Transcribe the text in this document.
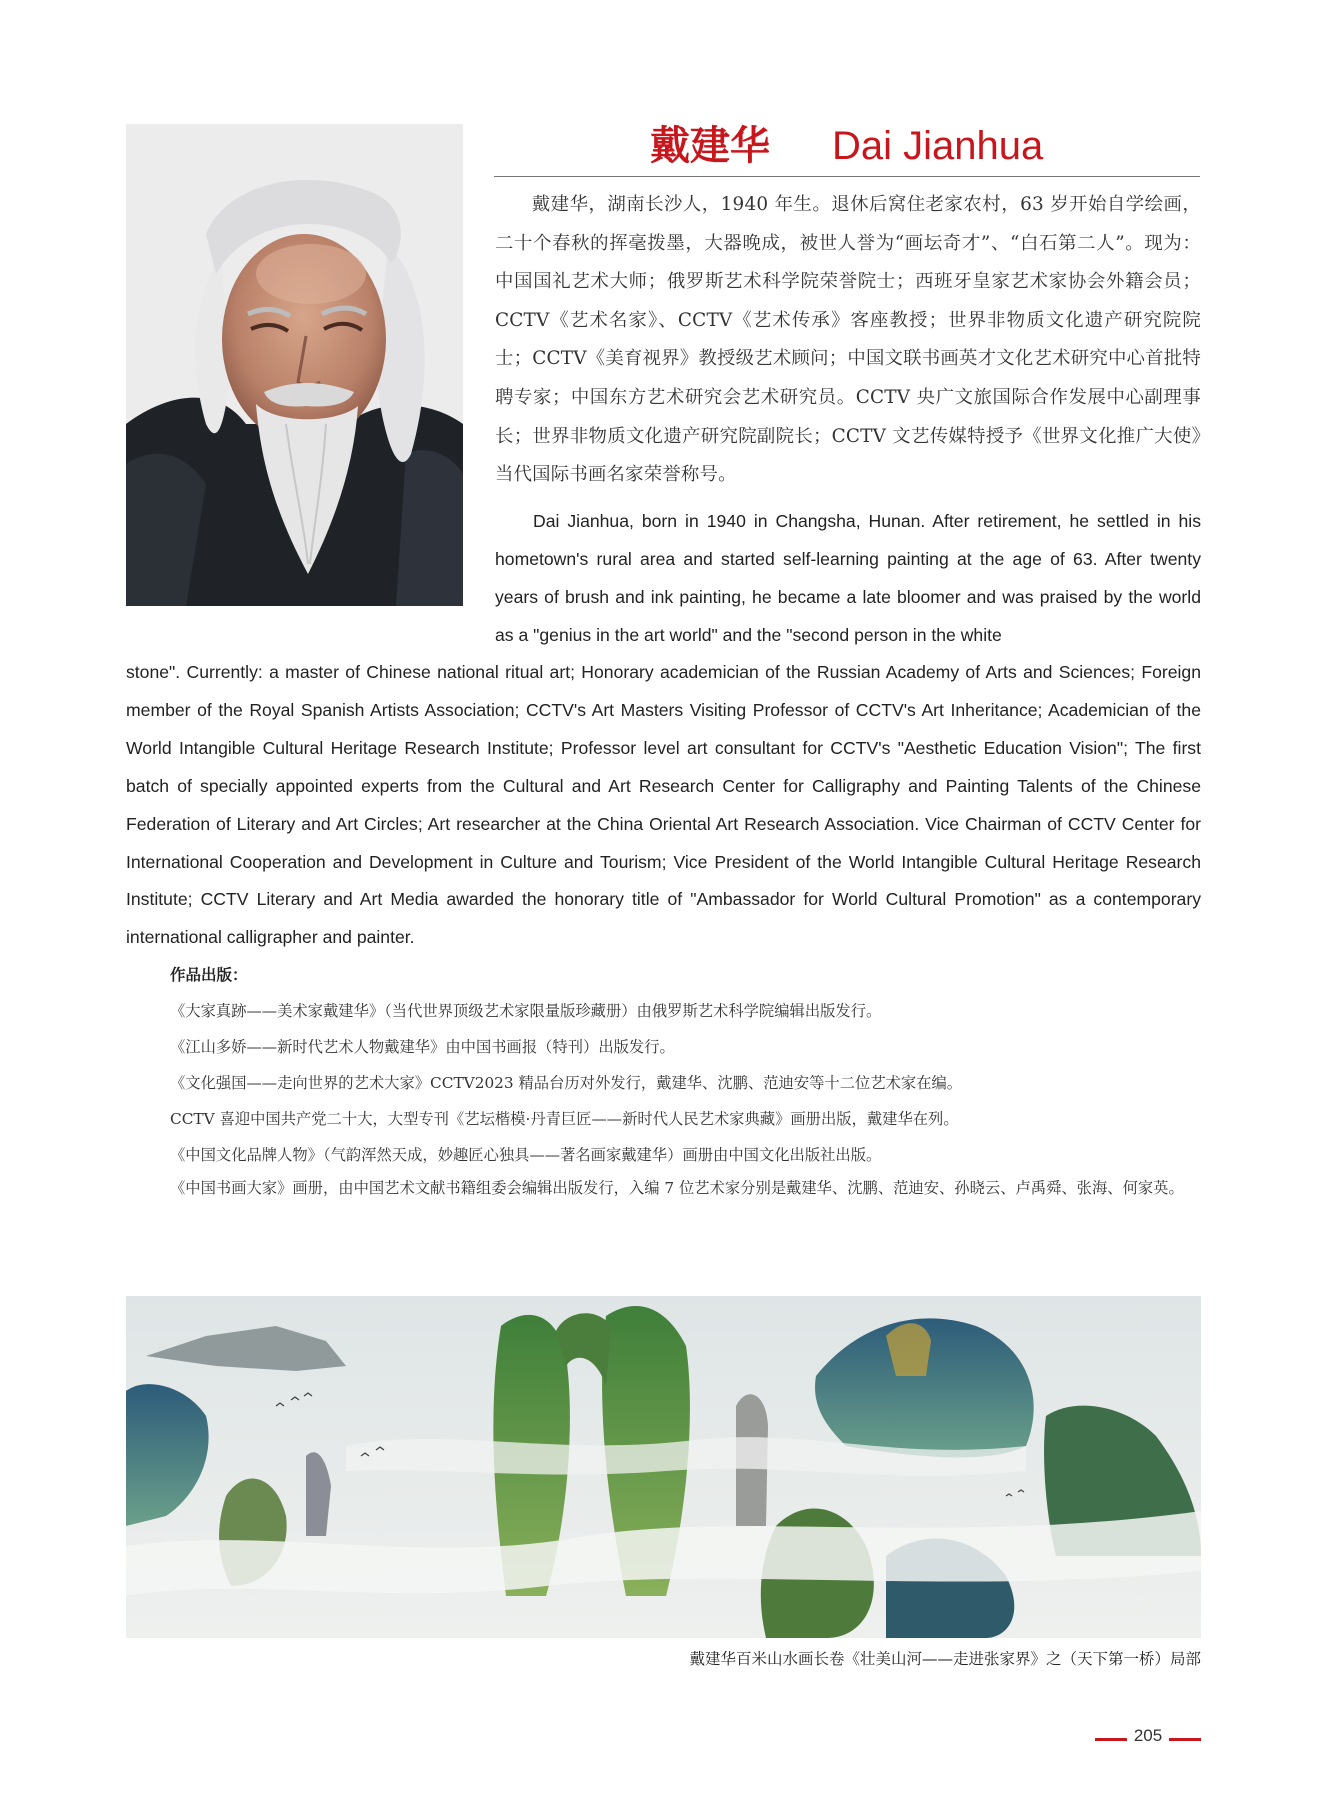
戴建华 Dai Jianhua
戴建华，湖南长沙人，1940 年生。退休后窝住老家农村，63 岁开始自学绘画，二十个春秋的挥毫拨墨，大器晚成，被世人誉为“画坛奇才”、“白石第二人”。现为：中国国礼艺术大师；俄罗斯艺术科学院荣誉院士；西班牙皇家艺术家协会外籍会员；CCTV《艺术名家》、CCTV《艺术传承》客座教授；世界非物质文化遗产研究院院士；CCTV《美育视界》教授级艺术顾问；中国文联书画英才文化艺术研究中心首批特聘专家；中国东方艺术研究会艺术研究员。CCTV 央广文旅国际合作发展中心副理事长；世界非物质文化遗产研究院副院长；CCTV 文艺传媒特授予《世界文化推广大使》当代国际书画名家荣誉称号。
Dai Jianhua, born in 1940 in Changsha, Hunan. After retirement, he settled in his hometown's rural area and started self-learning painting at the age of 63. After twenty years of brush and ink painting, he became a late bloomer and was praised by the world as a "genius in the art world" and the "second person in the white
stone". Currently: a master of Chinese national ritual art; Honorary academician of the Russian Academy of Arts and Sciences; Foreign member of the Royal Spanish Artists Association; CCTV's Art Masters Visiting Professor of CCTV's Art Inheritance; Academician of the World Intangible Cultural Heritage Research Institute; Professor level art consultant for CCTV's "Aesthetic Education Vision"; The first batch of specially appointed experts from the Cultural and Art Research Center for Calligraphy and Painting Talents of the Chinese Federation of Literary and Art Circles; Art researcher at the China Oriental Art Research Association. Vice Chairman of CCTV Center for International Cooperation and Development in Culture and Tourism; Vice President of the World Intangible Cultural Heritage Research Institute; CCTV Literary and Art Media awarded the honorary title of "Ambassador for World Cultural Promotion" as a contemporary international calligrapher and painter.
作品出版：
《大家真跡——美术家戴建华》（当代世界顶级艺术家限量版珍藏册）由俄罗斯艺术科学院编辑出版发行。
《江山多娇——新时代艺术人物戴建华》由中国书画报（特刊）出版发行。
《文化强国——走向世界的艺术大家》CCTV2023 精品台历对外发行，戴建华、沈鹏、范迪安等十二位艺术家在编。
CCTV 喜迎中国共产党二十大，大型专刊《艺坛楷模·丹青巨匠——新时代人民艺术家典藏》画册出版，戴建华在列。
《中国文化品牌人物》（气韵浑然天成，妙趣匠心独具——著名画家戴建华）画册由中国文化出版社出版。
《中国书画大家》画册，由中国艺术文献书籍组委会编辑出版发行，入编 7 位艺术家分别是戴建华、沈鹏、范迪安、孙晓云、卢禹舜、张海、何家英。
戴建华百米山水画长卷《壮美山河——走进张家界》之（天下第一桥）局部
205
